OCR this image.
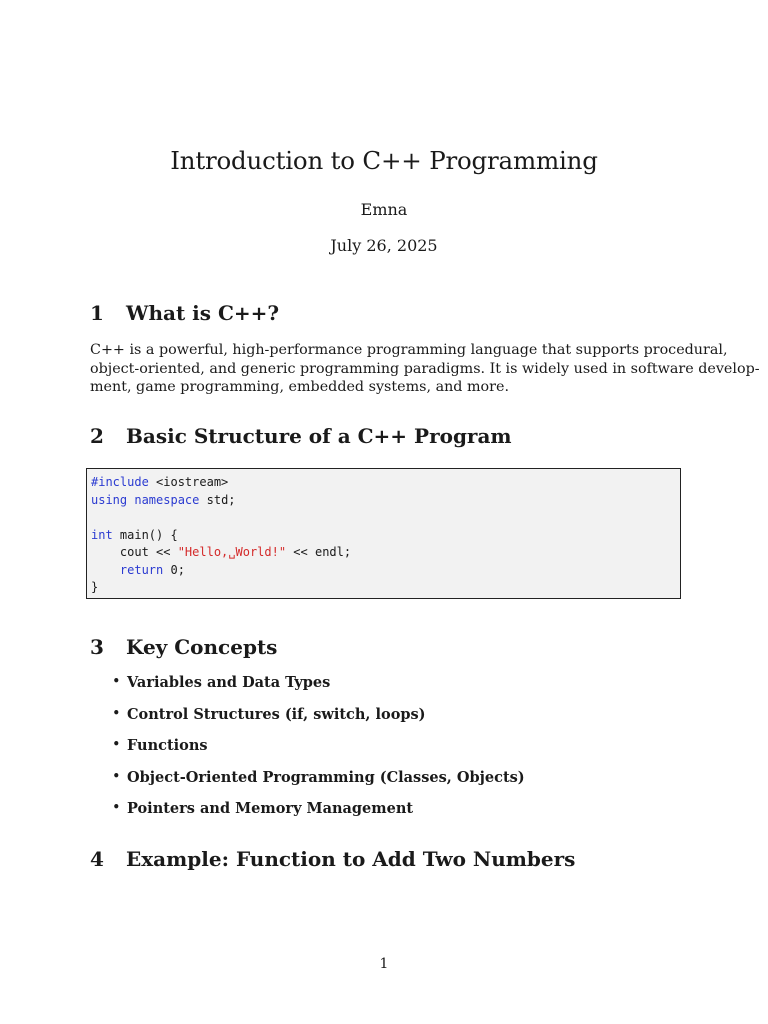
Introduction to C++ Programming
Emna
July 26, 2025
1 What is C++?

C++ is a powerful, high-performance programming language that supports procedural,
object-oriented, and generic programming paradigms. It is widely used in software develop-
ment, game programming, embedded systems, and more.

2 Basic Structure of a C++ Program
#include <iostream>
using namespace std;

int main() {
cout << "Hello,␣World!" << endl;
return 0;
}
3 Key Concepts
• Variables and Data Types
• Control Structures (if, switch, loops)
• Functions
• Object-Oriented Programming (Classes, Objects)
• Pointers and Memory Management
4 Example: Function to Add Two Numbers
1
